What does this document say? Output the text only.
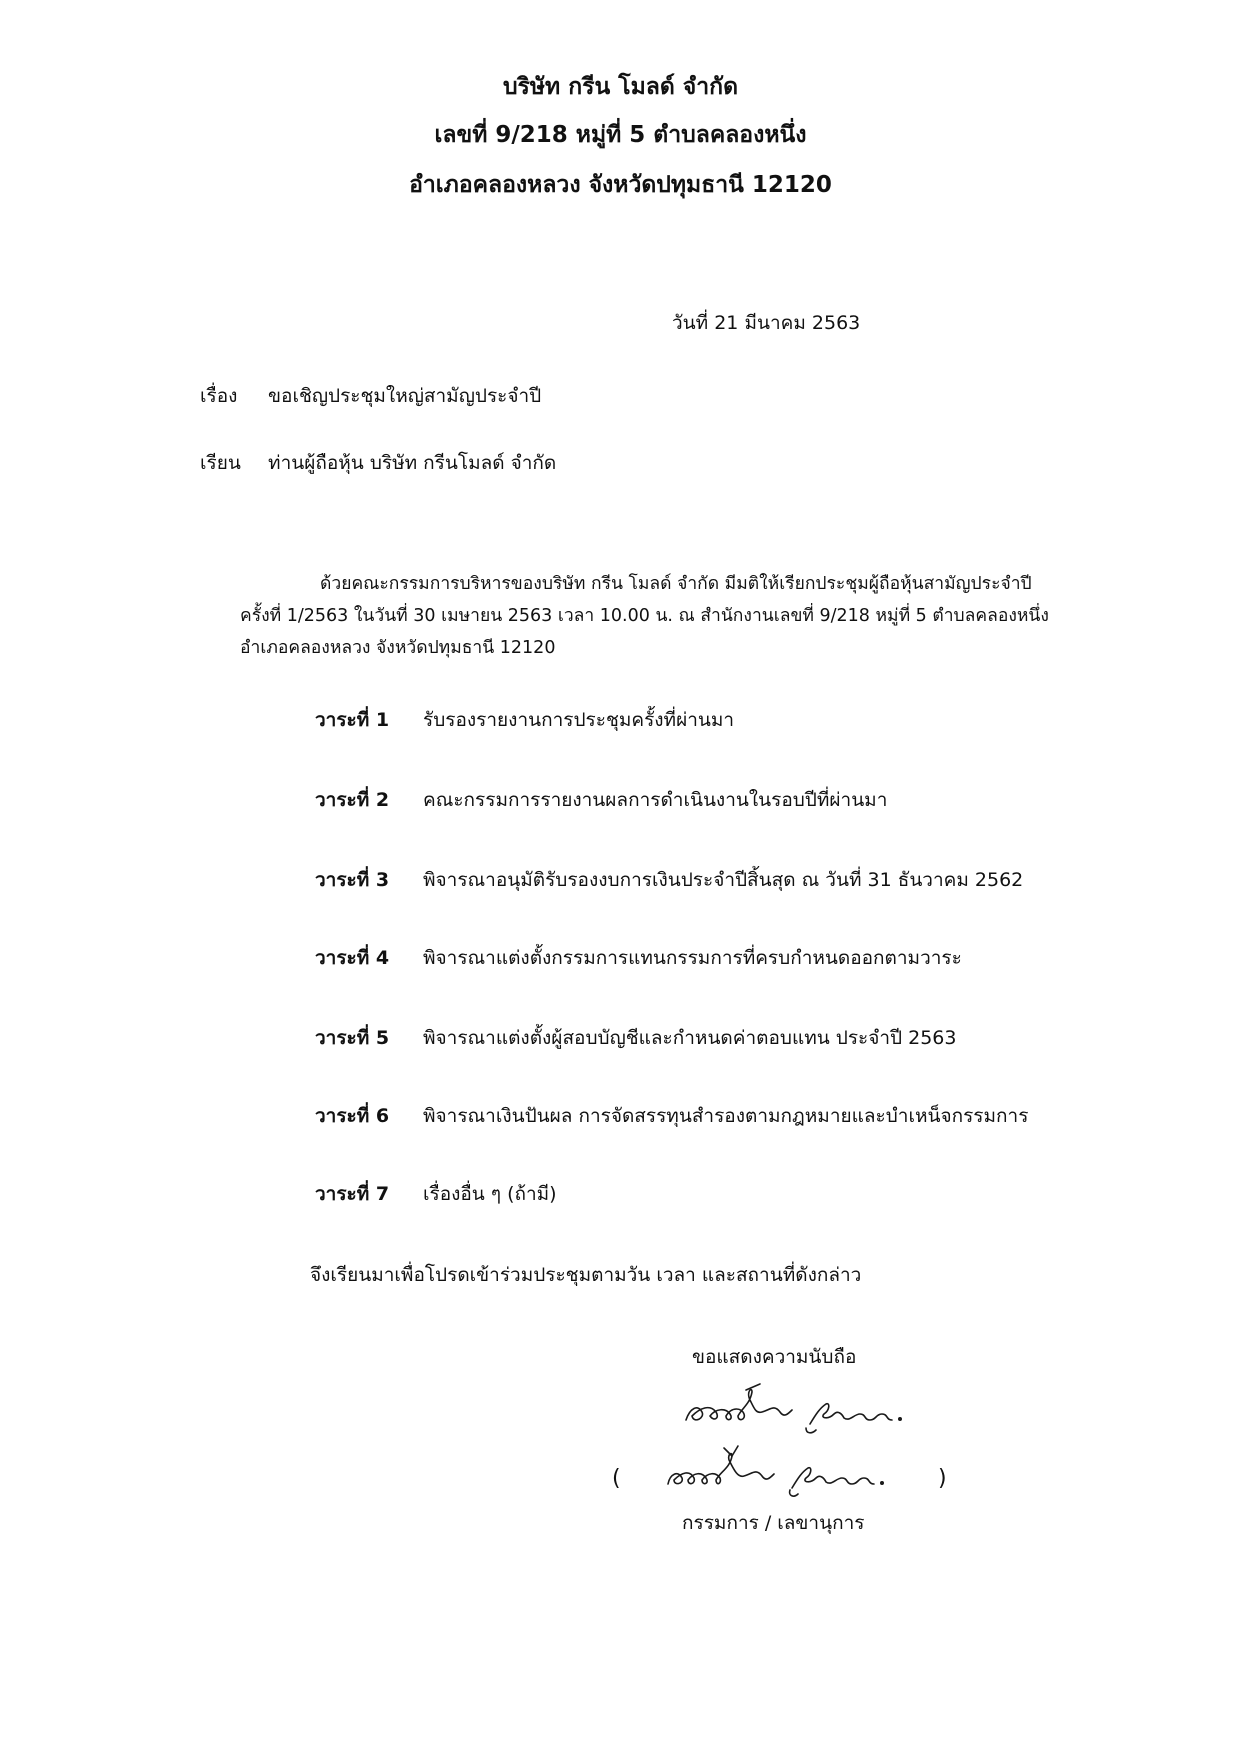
บริษัท กรีน โมลด์ จำกัด
เลขที่ 9/218 หมู่ที่ 5 ตำบลคลองหนึ่ง
อำเภอคลองหลวง จังหวัดปทุมธานี 12120
วันที่ 21 มีนาคม 2563
เรื่อง ขอเชิญประชุมใหญ่สามัญประจำปี
เรียน ท่านผู้ถือหุ้น บริษัท กรีนโมลด์ จำกัด

ด้วยคณะกรรมการบริหารของบริษัท กรีน โมลด์ จำกัด มีมติให้เรียกประชุมผู้ถือหุ้นสามัญประจำปี

ครั้งที่ 1/2563 ในวันที่ 30 เมษายน 2563 เวลา 10.00 น. ณ สำนักงานเลขที่ 9/218 หมู่ที่ 5 ตำบลคลองหนึ่ง

อำเภอคลองหลวง จังหวัดปทุมธานี 12120

วาระที่ 1 รับรองรายงานการประชุมครั้งที่ผ่านมา
วาระที่ 2 คณะกรรมการรายงานผลการดำเนินงานในรอบปีที่ผ่านมา
วาระที่ 3 พิจารณาอนุมัติรับรองงบการเงินประจำปีสิ้นสุด ณ วันที่ 31 ธันวาคม 2562
วาระที่ 4 พิจารณาแต่งตั้งกรรมการแทนกรรมการที่ครบกำหนดออกตามวาระ
วาระที่ 5 พิจารณาแต่งตั้งผู้สอบบัญชีและกำหนดค่าตอบแทน ประจำปี 2563
วาระที่ 6 พิจารณาเงินปันผล การจัดสรรทุนสำรองตามกฎหมายและบำเหน็จกรรมการ
วาระที่ 7 เรื่องอื่น ๆ (ถ้ามี)
จึงเรียนมาเพื่อโปรดเข้าร่วมประชุมตามวัน เวลา และสถานที่ดังกล่าว
ขอแสดงความนับถือ
(	)
กรรมการ / เลขานุการ
